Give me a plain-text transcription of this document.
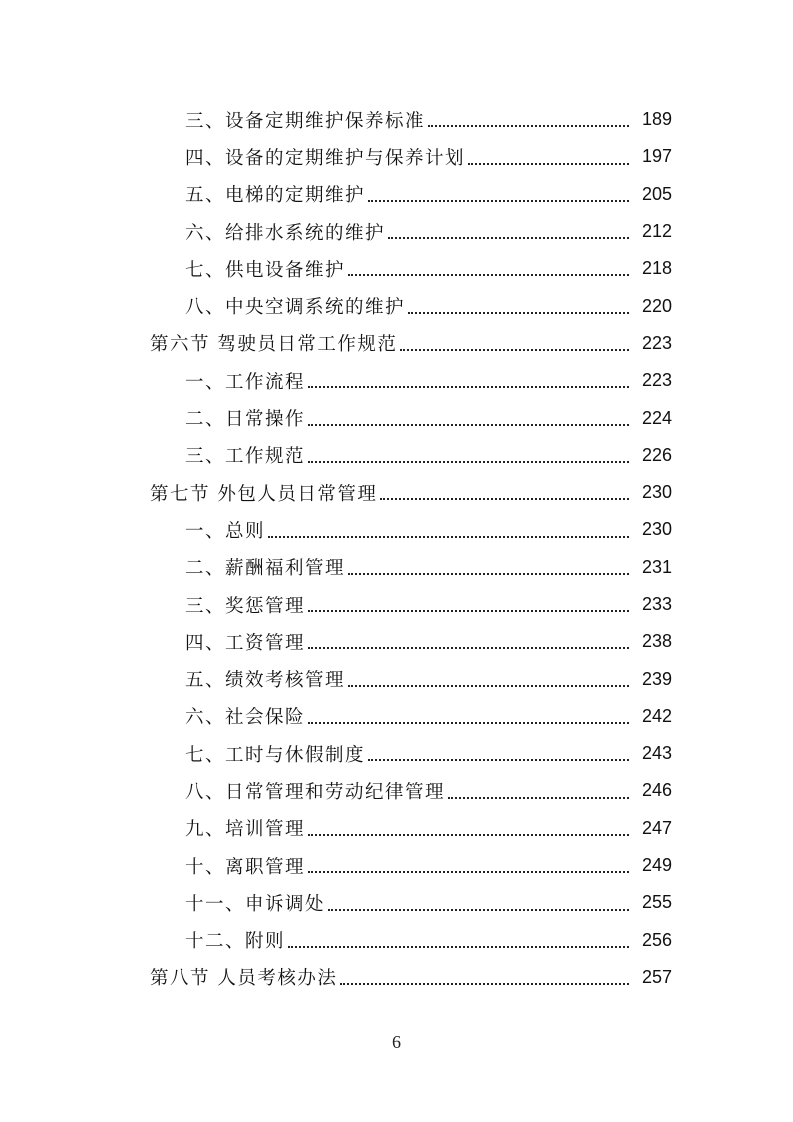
三、设备定期维护保养标准	189
四、设备的定期维护与保养计划	197
五、电梯的定期维护	205
六、给排水系统的维护	212
七、供电设备维护	218
八、中央空调系统的维护	220
第六节 驾驶员日常工作规范	223
一、工作流程	223
二、日常操作	224
三、工作规范	226
第七节 外包人员日常管理	230
一、总则	230
二、薪酬福利管理	231
三、奖惩管理	233
四、工资管理	238
五、绩效考核管理	239
六、社会保险	242
七、工时与休假制度	243
八、日常管理和劳动纪律管理	246
九、培训管理	247
十、离职管理	249
十一、申诉调处	255
十二、附则	256
第八节 人员考核办法	257
6
